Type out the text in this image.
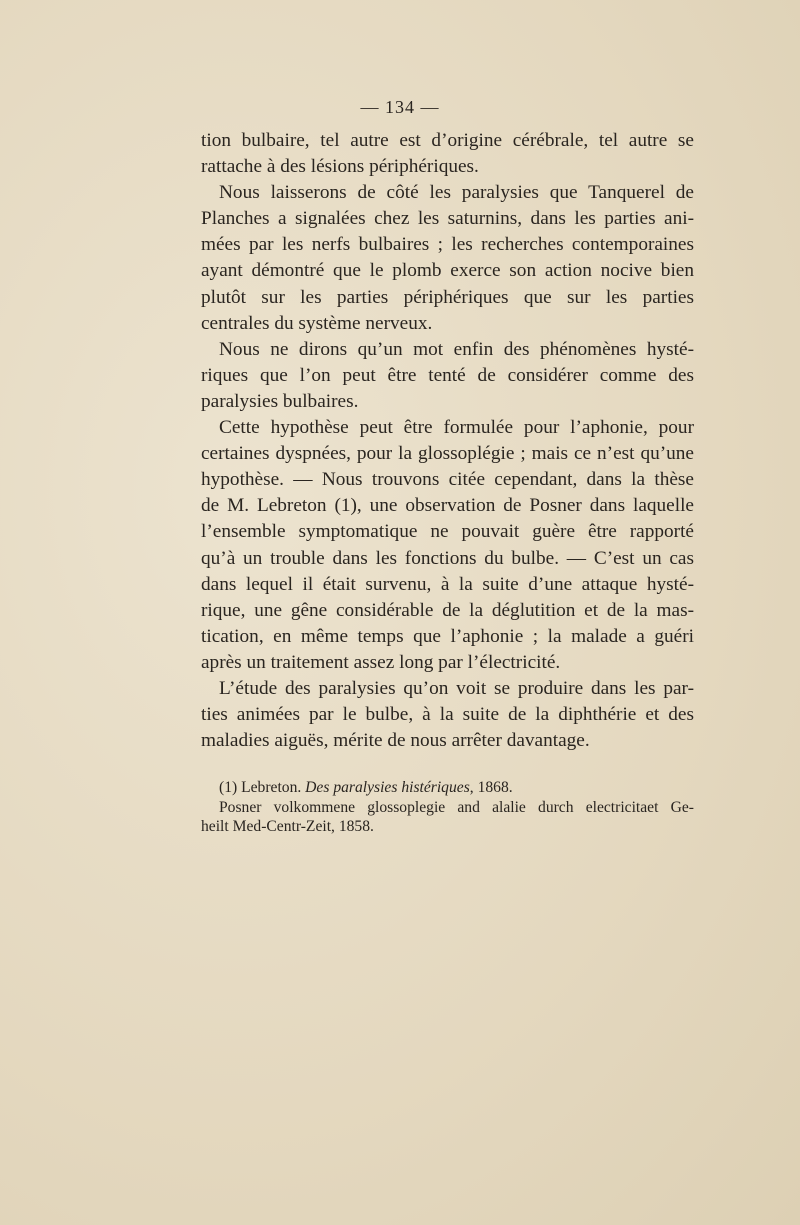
— 134 —
tion bulbaire, tel autre est d’origine cérébrale, tel autre se
rattache à des lésions périphériques.
Nous laisserons de côté les paralysies que Tanquerel de
Planches a signalées chez les saturnins, dans les parties ani-
mées par les nerfs bulbaires ; les recherches contemporaines
ayant démontré que le plomb exerce son action nocive bien
plutôt sur les parties périphériques que sur les parties
centrales du système nerveux.
Nous ne dirons qu’un mot enfin des phénomènes hysté-
riques que l’on peut être tenté de considérer comme des
paralysies bulbaires.
Cette hypothèse peut être formulée pour l’aphonie, pour
certaines dyspnées, pour la glossoplégie ; mais ce n’est qu’une
hypothèse. — Nous trouvons citée cependant, dans la thèse
de M. Lebreton (1), une observation de Posner dans laquelle
l’ensemble symptomatique ne pouvait guère être rapporté
qu’à un trouble dans les fonctions du bulbe. — C’est un cas
dans lequel il était survenu, à la suite d’une attaque hysté-
rique, une gêne considérable de la déglutition et de la mas-
tication, en même temps que l’aphonie ; la malade a guéri
après un traitement assez long par l’électricité.
L’étude des paralysies qu’on voit se produire dans les par-
ties animées par le bulbe, à la suite de la diphthérie et des
maladies aiguës, mérite de nous arrêter davantage.
(1) Lebreton. Des paralysies histériques, 1868.
Posner volkommene glossoplegie and alalie durch electricitaet Ge-
heilt Med-Centr-Zeit, 1858.
